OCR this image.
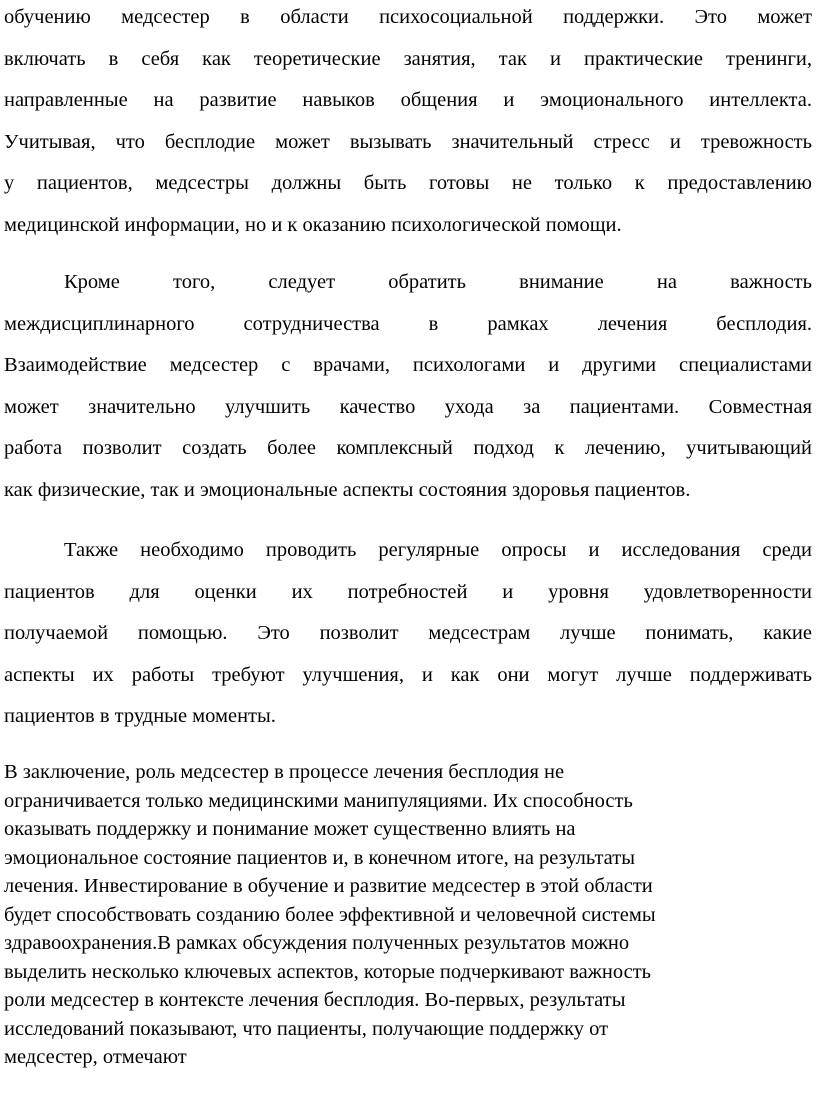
обучению медсестер в области психосоциальной поддержки. Это может
включать в себя как теоретические занятия, так и практические тренинги,
направленные на развитие навыков общения и эмоционального интеллекта.
Учитывая, что бесплодие может вызывать значительный стресс и тревожность
у пациентов, медсестры должны быть готовы не только к предоставлению
медицинской информации, но и к оказанию психологической помощи.

Кроме того, следует обратить внимание на важность
междисциплинарного сотрудничества в рамках лечения бесплодия.
Взаимодействие медсестер с врачами, психологами и другими специалистами
может значительно улучшить качество ухода за пациентами. Совместная
работа позволит создать более комплексный подход к лечению, учитывающий
как физические, так и эмоциональные аспекты состояния здоровья пациентов.

Также необходимо проводить регулярные опросы и исследования среди
пациентов для оценки их потребностей и уровня удовлетворенности
получаемой помощью. Это позволит медсестрам лучше понимать, какие
аспекты их работы требуют улучшения, и как они могут лучше поддерживать
пациентов в трудные моменты.

В заключение, роль медсестер в процессе лечения бесплодия не
ограничивается только медицинскими манипуляциями. Их способность
оказывать поддержку и понимание может существенно влиять на
эмоциональное состояние пациентов и, в конечном итоге, на результаты
лечения. Инвестирование в обучение и развитие медсестер в этой области
будет способствовать созданию более эффективной и человечной системы
здравоохранения.В рамках обсуждения полученных результатов можно
выделить несколько ключевых аспектов, которые подчеркивают важность
роли медсестер в контексте лечения бесплодия. Во-первых, результаты
исследований показывают, что пациенты, получающие поддержку от
медсестер, отмечают
